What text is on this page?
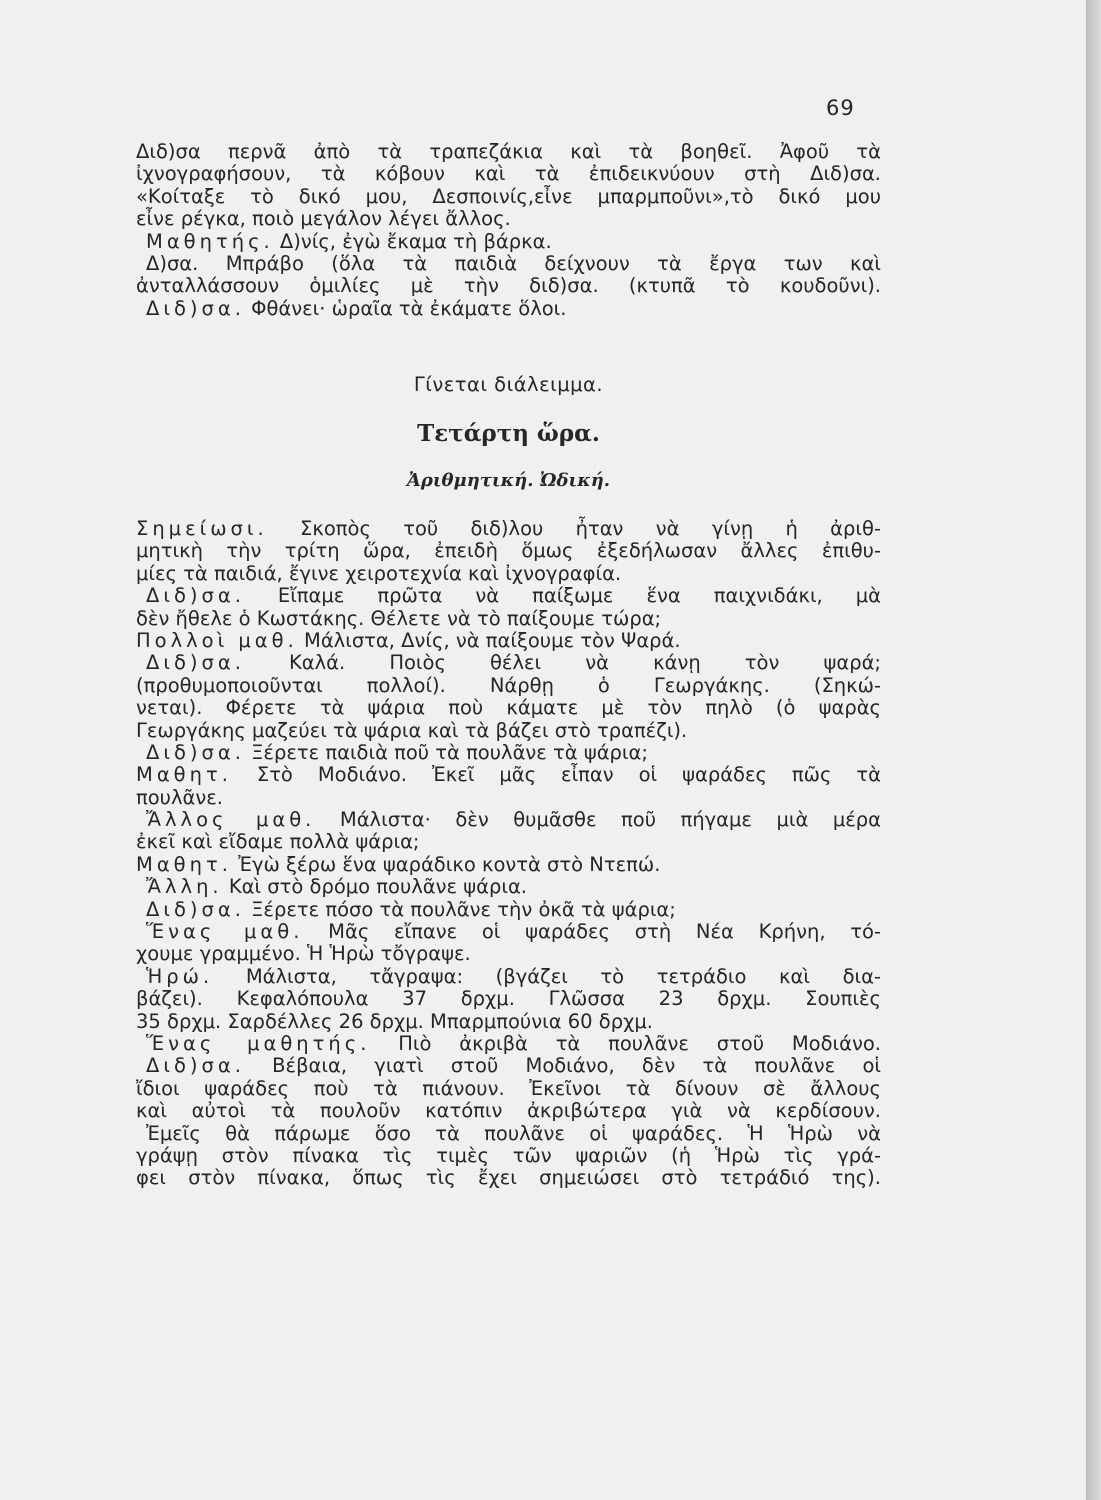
69
Διδ)σα περνᾶ ἀπὸ τὰ τραπεζάκια καὶ τὰ βοηθεῖ. Ἀφοῦ τὰ
ἰχνογραφήσουν, τὰ κόβουν καὶ τὰ ἐπιδεικνύουν στὴ Διδ)σα.
«Κοίταξε τὸ δικό μου, Δεσποινίς,εἶνε μπαρμποῦνι»,τὸ δικό μου
εἶνε ρέγκα, ποιὸ μεγάλον λέγει ἄλλος.
Μαθητής. Δ)νίς, ἐγὼ ἔκαμα τὴ βάρκα.
Δ)σα. Μπράβο (ὅλα τὰ παιδιὰ δείχνουν τὰ ἔργα των καὶ
ἀνταλλάσσουν ὁμιλίες μὲ τὴν διδ)σα. (κτυπᾶ τὸ κουδοῦνι).
Διδ)σα. Φθάνει· ὡραῖα τὰ ἐκάματε ὅλοι.
Γίνεται διάλειμμα.
Τετάρτη ὥρα.
Ἀριθμητική. Ὠδική.
Σημείωσι. Σκοπὸς τοῦ διδ)λου ἦταν νὰ γίνῃ ἡ ἀριθ-
μητικὴ τὴν τρίτη ὥρα, ἐπειδὴ ὅμως ἐξεδήλωσαν ἄλλες ἐπιθυ-
μίες τὰ παιδιά, ἔγινε χειροτεχνία καὶ ἰχνογραφία.
Διδ)σα. Εἴπαμε πρῶτα νὰ παίξωμε ἕνα παιχνιδάκι, μὰ
δὲν ἤθελε ὁ Κωστάκης. Θέλετε νὰ τὸ παίξουμε τώρα;
Πολλοὶ μαθ. Μάλιστα, Δνίς, νὰ παίξουμε τὸν Ψαρά.
Διδ)σα. Καλά. Ποιὸς θέλει νὰ κάνῃ τὸν ψαρά;
(προθυμοποιοῦνται πολλοί). Νάρθῃ ὁ Γεωργάκης. (Σηκώ-
νεται). Φέρετε τὰ ψάρια ποὺ κάματε μὲ τὸν πηλὸ (ὁ ψαρὰς
Γεωργάκης μαζεύει τὰ ψάρια καὶ τὰ βάζει στὸ τραπέζι).
Διδ)σα. Ξέρετε παιδιὰ ποῦ τὰ πουλᾶνε τὰ ψάρια;
Μαθητ. Στὸ Μοδιάνο. Ἐκεῖ μᾶς εἶπαν οἱ ψαράδες πῶς τὰ
πουλᾶνε.
Ἄλλος μαθ. Μάλιστα· δὲν θυμᾶσθε ποῦ πήγαμε μιὰ μέρα
ἐκεῖ καὶ εἴδαμε πολλὰ ψάρια;
Μαθητ. Ἐγὼ ξέρω ἕνα ψαράδικο κοντὰ στὸ Ντεπώ.
Ἄλλη. Καὶ στὸ δρόμο πουλᾶνε ψάρια.
Διδ)σα. Ξέρετε πόσο τὰ πουλᾶνε τὴν ὀκᾶ τὰ ψάρια;
Ἕνας μαθ. Μᾶς εἴπανε οἱ ψαράδες στὴ Νέα Κρήνη, τό-
χουμε γραμμένο. Ἡ Ἡρὼ τὄγραψε.
Ἡρώ. Μάλιστα, τἄγραψα: (βγάζει τὸ τετράδιο καὶ δια-
βάζει). Κεφαλόπουλα 37 δρχμ. Γλῶσσα 23 δρχμ. Σουπιὲς
35 δρχμ. Σαρδέλλες 26 δρχμ. Μπαρμπούνια 60 δρχμ.
Ἕνας μαθητής. Πιὸ ἀκριβὰ τὰ πουλᾶνε στοῦ Μοδιάνο.
Διδ)σα. Βέβαια, γιατὶ στοῦ Μοδιάνο, δὲν τὰ πουλᾶνε οἱ
ἴδιοι ψαράδες ποὺ τὰ πιάνουν. Ἐκεῖνοι τὰ δίνουν σὲ ἄλλους
καὶ αὐτοὶ τὰ πουλοῦν κατόπιν ἀκριβώτερα γιὰ νὰ κερδίσουν.
Ἐμεῖς θὰ πάρωμε ὅσο τὰ πουλᾶνε οἱ ψαράδες. Ἡ Ἡρὼ νὰ
γράψῃ στὸν πίνακα τὶς τιμὲς τῶν ψαριῶν (ἡ Ἡρὼ τὶς γρά-
φει στὸν πίνακα, ὅπως τὶς ἔχει σημειώσει στὸ τετράδιό της).
